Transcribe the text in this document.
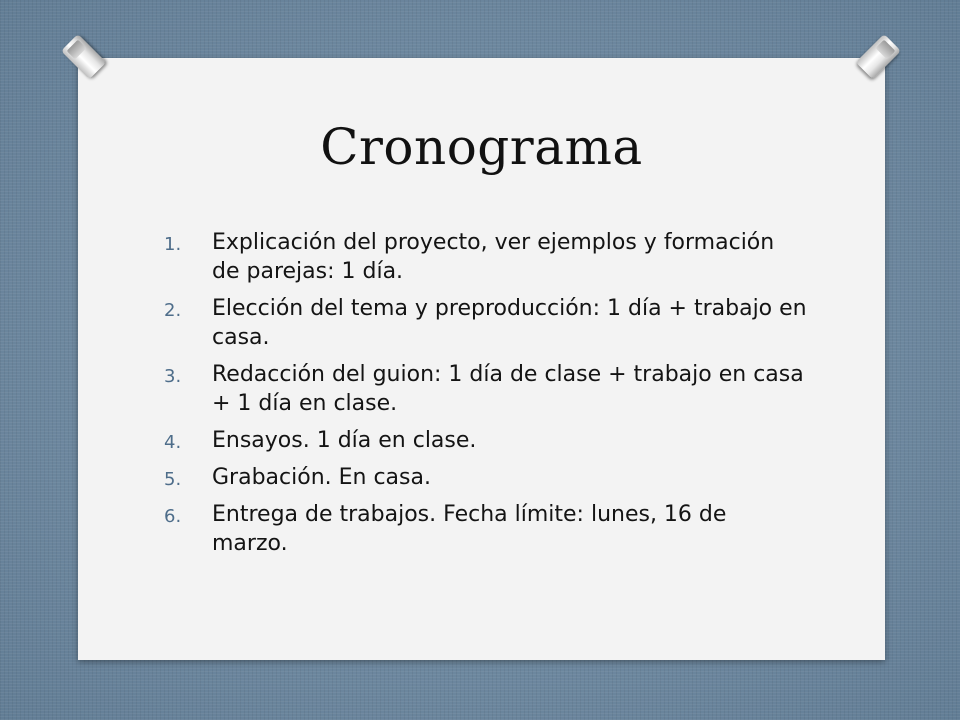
Cronograma
1. Explicación del proyecto, ver ejemplos y formación de parejas: 1 día.
2. Elección del tema y preproducción: 1 día + trabajo en casa.
3. Redacción del guion: 1 día de clase + trabajo en casa + 1 día en clase.
4. Ensayos. 1 día en clase.
5. Grabación. En casa.
6. Entrega de trabajos. Fecha límite: lunes, 16 de marzo.
